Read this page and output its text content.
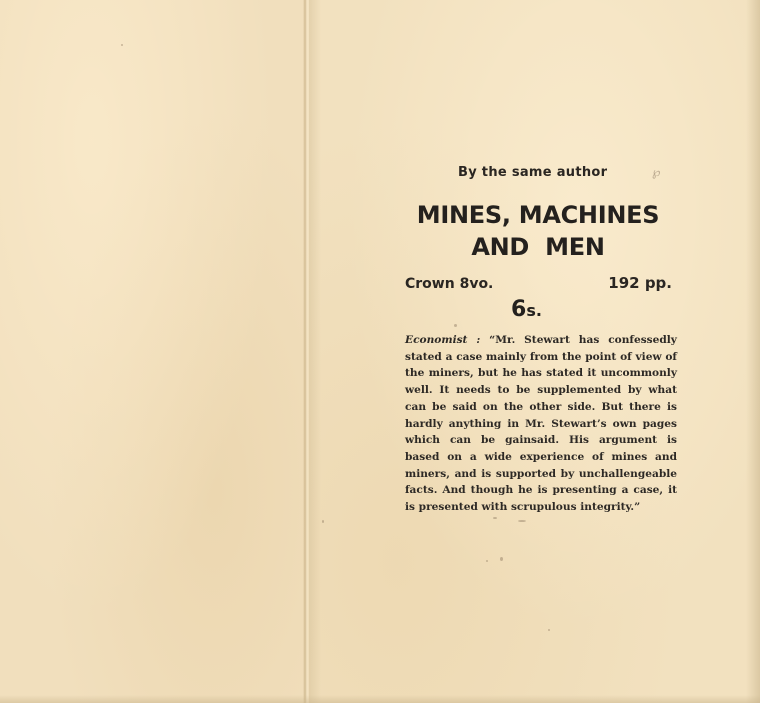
℘
By the same author
MINES, MACHINES
AND  MEN
Crown 8vo.	192 pp.
6s.
Economist : “Mr. Stewart has confessedly stated a case mainly from the point of view of the miners, but he has stated it uncommonly well. It needs to be supplemented by what can be said on the other side. But there is hardly anything in Mr. Stewart’s own pages which can be gainsaid. His argument is based on a wide experience of mines and miners, and is supported by unchallengeable facts. And though he is presenting a case, it is presented with scrupulous integrity.”
